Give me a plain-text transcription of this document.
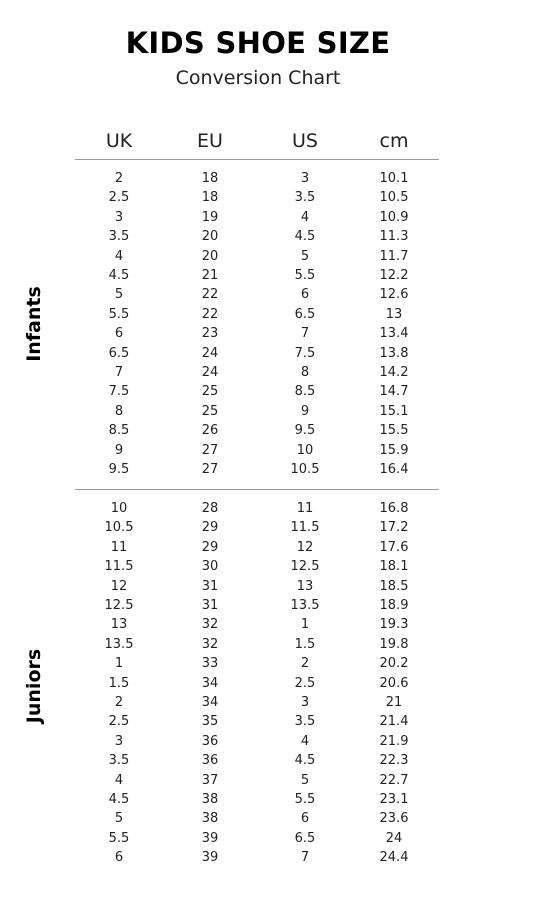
KIDS SHOE SIZE
Conversion Chart
UK	EU	US	cm
Infants
Juniors
2	18	3	10.1
2.5	18	3.5	10.5
3	19	4	10.9
3.5	20	4.5	11.3
4	20	5	11.7
4.5	21	5.5	12.2
5	22	6	12.6
5.5	22	6.5	13
6	23	7	13.4
6.5	24	7.5	13.8
7	24	8	14.2
7.5	25	8.5	14.7
8	25	9	15.1
8.5	26	9.5	15.5
9	27	10	15.9
9.5	27	10.5	16.4
10	28	11	16.8
10.5	29	11.5	17.2
11	29	12	17.6
11.5	30	12.5	18.1
12	31	13	18.5
12.5	31	13.5	18.9
13	32	1	19.3
13.5	32	1.5	19.8
1	33	2	20.2
1.5	34	2.5	20.6
2	34	3	21
2.5	35	3.5	21.4
3	36	4	21.9
3.5	36	4.5	22.3
4	37	5	22.7
4.5	38	5.5	23.1
5	38	6	23.6
5.5	39	6.5	24
6	39	7	24.4
